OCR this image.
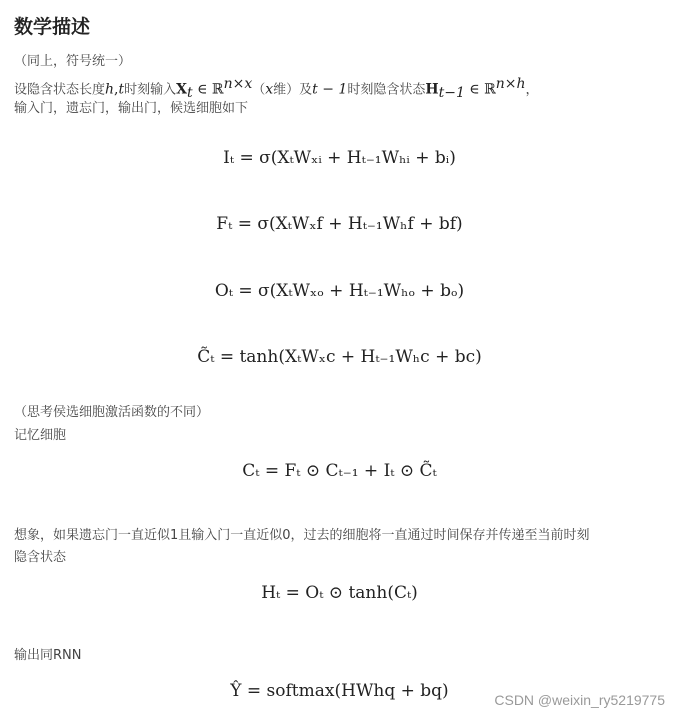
数学描述
（同上，符号统一）
设隐含状态长度h,t时刻输入$X_t$ ∈ ℝ$^{n\times x}$（x维）及t − 1时刻隐含状态$H_{t-1}$ ∈ ℝ$^{n\times h}$，
输入门，遗忘门，输出门，候选细胞如下
Iₜ = σ(XₜWₓᵢ + Hₜ₋₁Wₕᵢ + bᵢ)
Fₜ = σ(XₜWₓf + Hₜ₋₁Wₕf + bf)
Oₜ = σ(XₜWₓₒ + Hₜ₋₁Wₕₒ + bₒ)
C̃ₜ = tanh(XₜWₓc + Hₜ₋₁Wₕc + bc)
（思考侯选细胞激活函数的不同）
记忆细胞
Cₜ = Fₜ ⊙ Cₜ₋₁ + Iₜ ⊙ C̃ₜ
想象，如果遗忘门一直近似1且输入门一直近似0，过去的细胞将一直通过时间保存并传递至当前时刻
隐含状态
Hₜ = Oₜ ⊙ tanh(Cₜ)
输出同RNN
Ŷ = softmax(HWhq + bq)	CSDN @weixin_ry5219775
